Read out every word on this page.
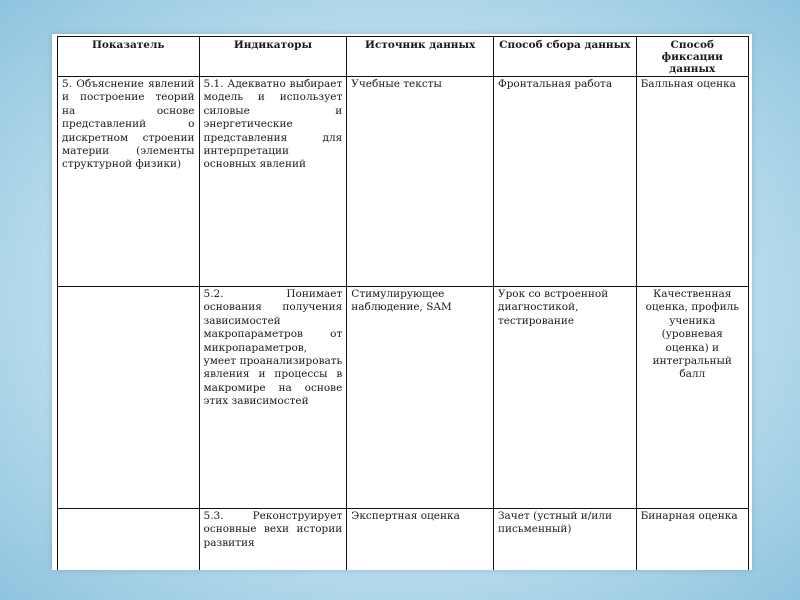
Показатель	Индикаторы	Источник данных	Способ сбора данных	Способ фиксации данных
5. Объяснение явлений и построение теорий на основе представлений о дискретном строении материи (элементы структурной физики)	5.1. Адекватно выбирает модель и использует силовые и энергетические представления для интерпретации основных явлений	Учебные тексты	Фронтальная работа	Балльная оценка
	5.2. Понимает основания получения зависимостей макропараметров от микропараметров, умеет проанализировать явления и процессы в макромире на основе этих зависимостей	Стимулирующее наблюдение, SAM	Урок со встроенной диагностикой, тестирование	Качественная оценка, профиль ученика (уровневая оценка) и интегральный балл
	5.3. Реконструирует основные вехи истории развития	Экспертная оценка	Зачет (устный и/или письменный)	Бинарная оценка
